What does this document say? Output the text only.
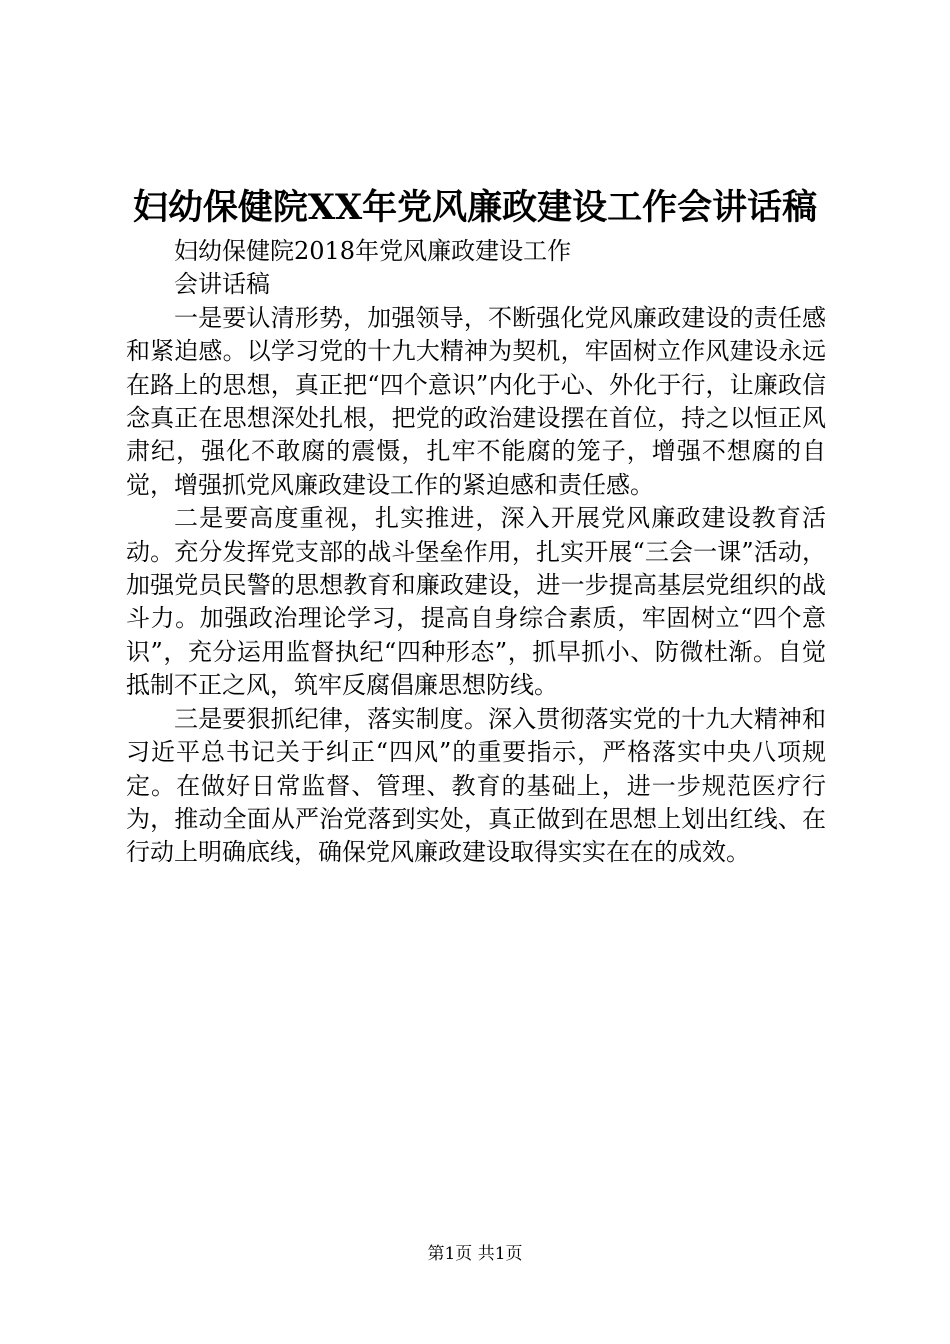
妇幼保健院XX年党风廉政建设工作会讲话稿

妇幼保健院2018年党风廉政建设工作

会讲话稿

一是要认清形势，加强领导，不断强化党风廉政建设的责任感和紧迫感。以学习党的十九大精神为契机，牢固树立作风建设永远在路上的思想，真正把“四个意识”内化于心、外化于行，让廉政信念真正在思想深处扎根，把党的政治建设摆在首位，持之以恒正风肃纪，强化不敢腐的震慑，扎牢不能腐的笼子，增强不想腐的自觉，增强抓党风廉政建设工作的紧迫感和责任感。

二是要高度重视，扎实推进，深入开展党风廉政建设教育活动。充分发挥党支部的战斗堡垒作用，扎实开展“三会一课”活动，加强党员民警的思想教育和廉政建设，进一步提高基层党组织的战斗力。加强政治理论学习，提高自身综合素质，牢固树立“四个意识”，充分运用监督执纪“四种形态”，抓早抓小、防微杜渐。自觉抵制不正之风，筑牢反腐倡廉思想防线。

三是要狠抓纪律，落实制度。深入贯彻落实党的十九大精神和习近平总书记关于纠正“四风”的重要指示，严格落实中央八项规定。在做好日常监督、管理、教育的基础上，进一步规范医疗行为，推动全面从严治党落到实处，真正做到在思想上划出红线、在行动上明确底线，确保党风廉政建设取得实实在在的成效。

第1页 共1页
